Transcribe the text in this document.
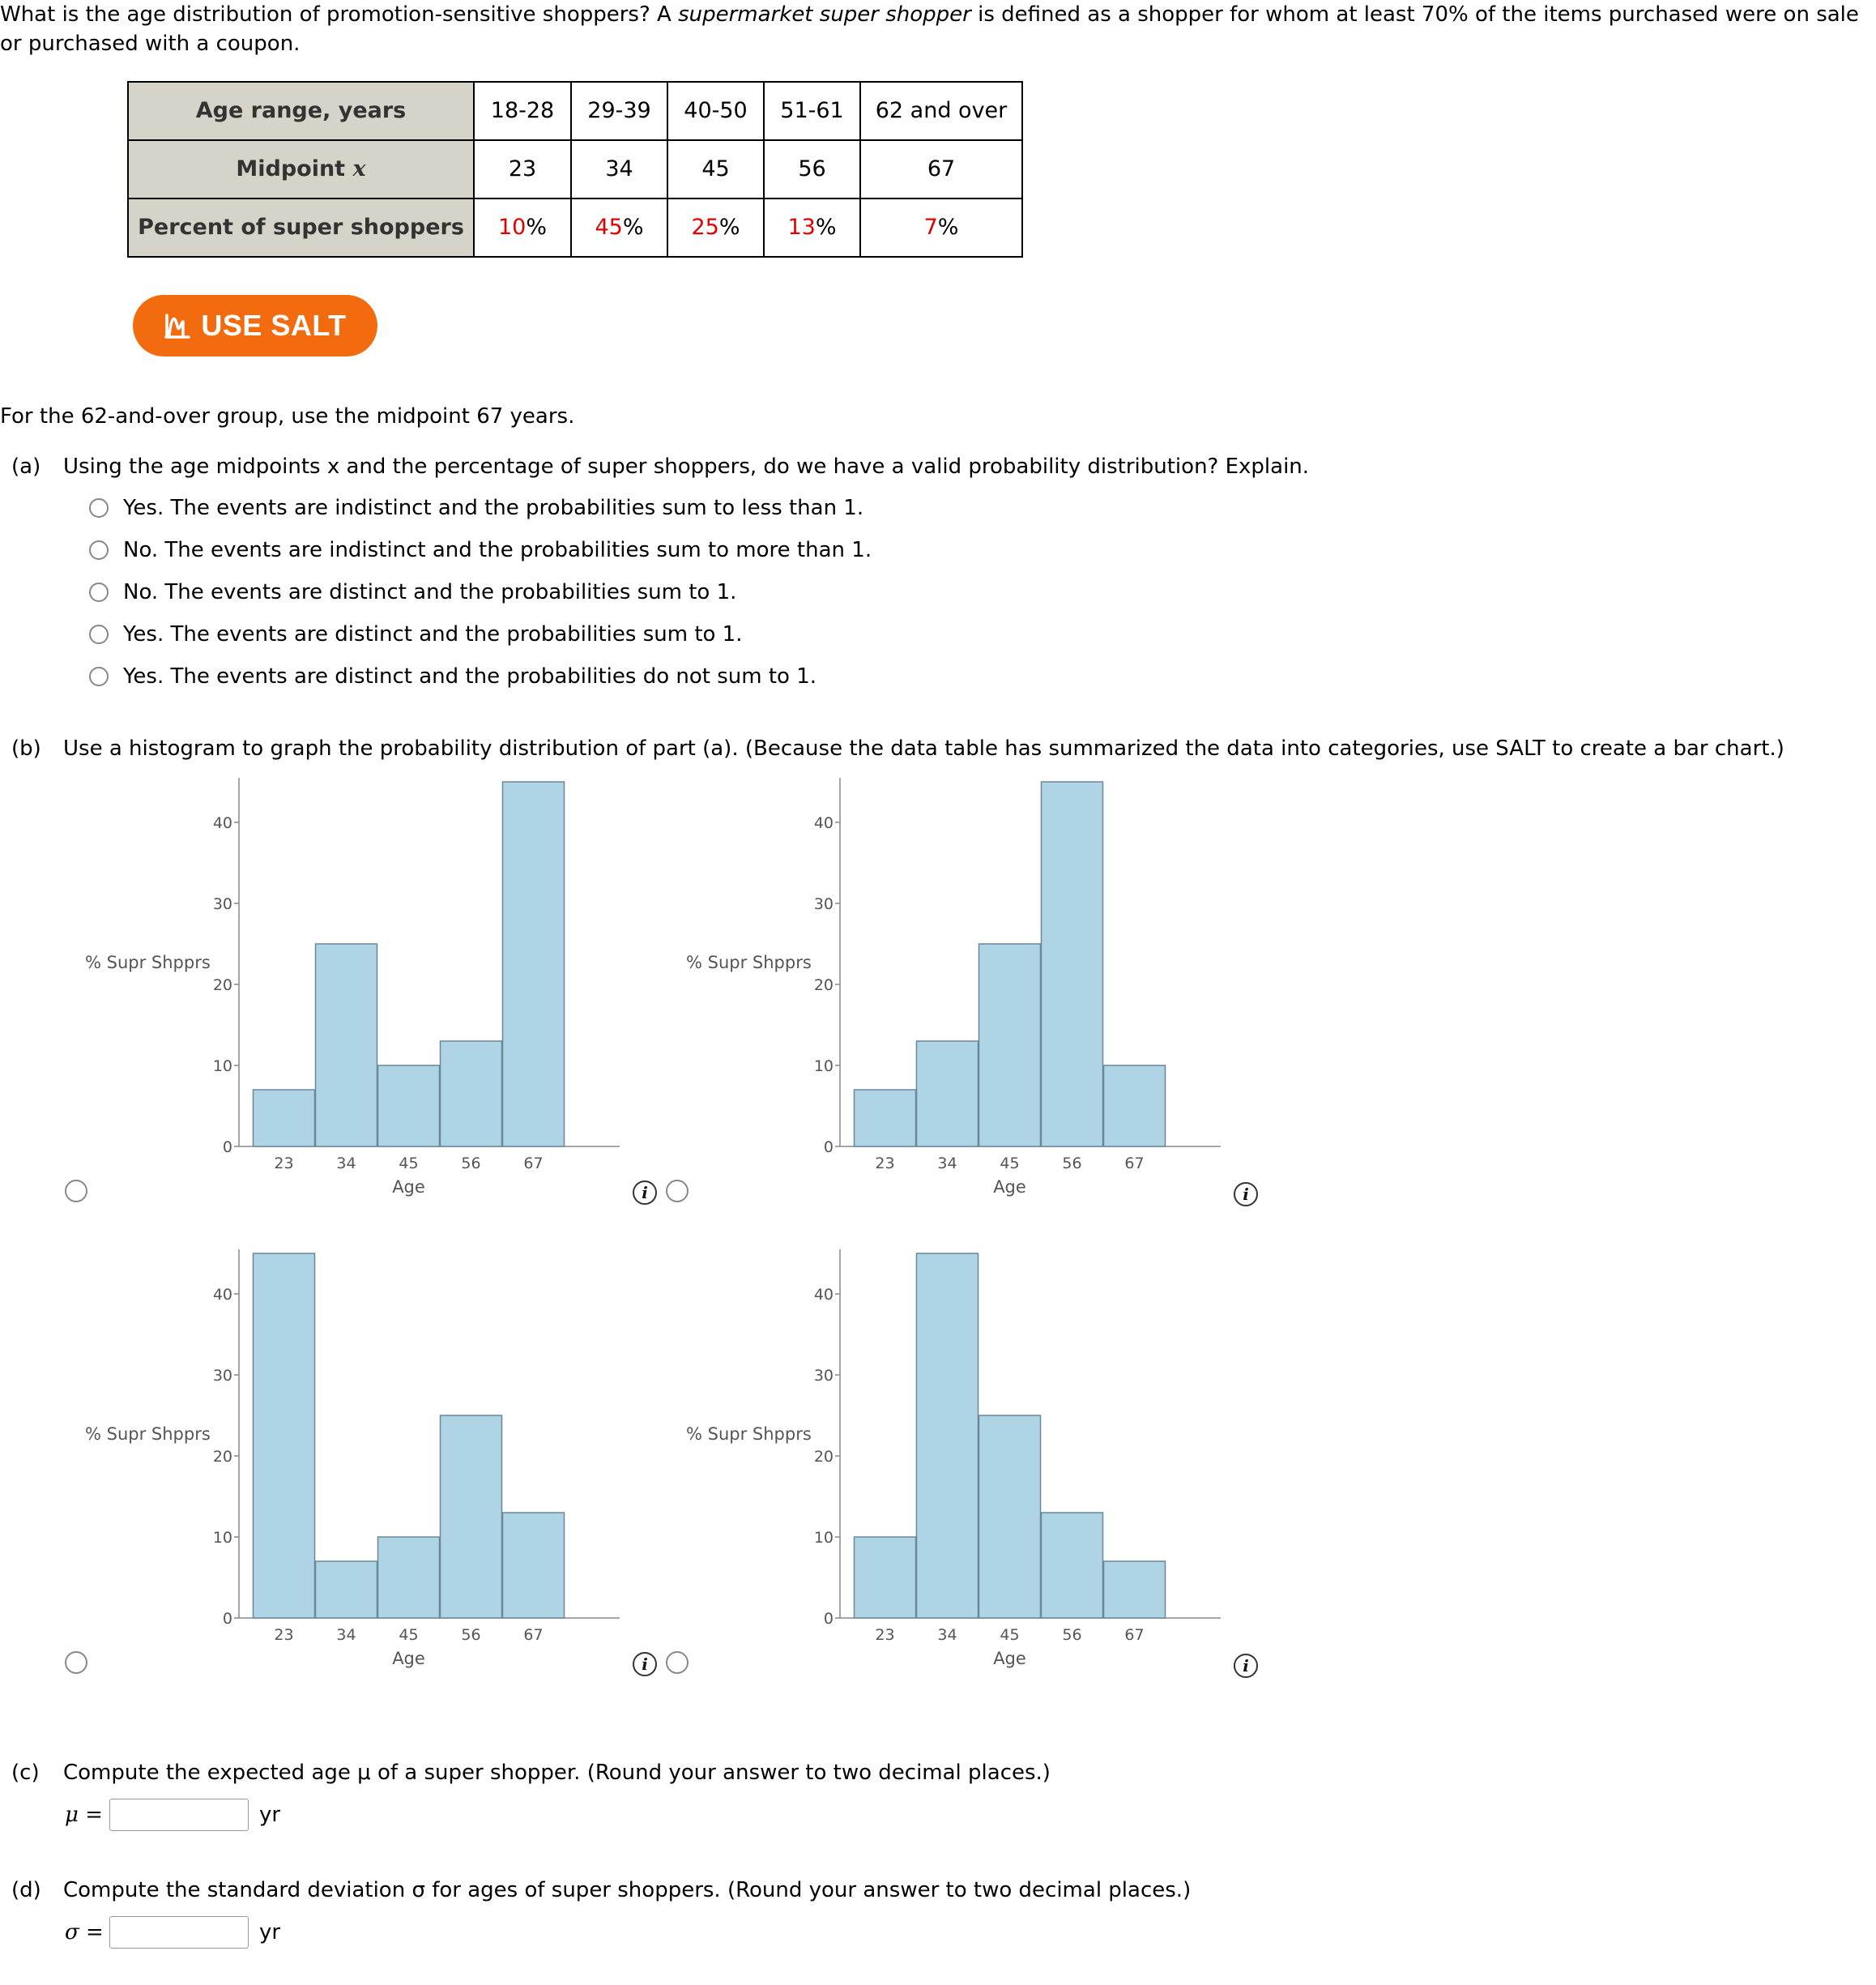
What is the age distribution of promotion-sensitive shoppers? A supermarket super shopper is defined as a shopper for whom at least 70% of the items purchased were on sale

or purchased with a coupon.

Age range, years	18-28	29-39	40-50	51-61	62 and over
Midpoint x	23	34	45	56	67
Percent of super shoppers	10%	45%	25%	13%	7%
USE SALT
For the 62-and-over group, use the midpoint 67 years.
(a) Using the age midpoints x and the percentage of super shoppers, do we have a valid probability distribution? Explain.
Yes. The events are indistinct and the probabilities sum to less than 1.
No. The events are indistinct and the probabilities sum to more than 1.
No. The events are distinct and the probabilities sum to 1.
Yes. The events are distinct and the probabilities sum to 1.
Yes. The events are distinct and the probabilities do not sum to 1.
(b) Use a histogram to graph the probability distribution of part (a). (Because the data table has summarized the data into categories, use SALT to create a bar chart.)
i	i
i	i
0
10
20
30
40
23	34	45	56	67
Age
% Supr Shpprs
0
10
20
30
40
23	34	45	56	67
Age
% Supr Shpprs
0
10
20
30
40
23	34	45	56	67
Age
% Supr Shpprs
0
10
20
30
40
23	34	45	56	67
Age
% Supr Shpprs
(c) Compute the expected age μ of a super shopper. (Round your answer to two decimal places.)
μ =	yr
(d) Compute the standard deviation σ for ages of super shoppers. (Round your answer to two decimal places.)
σ =	yr
